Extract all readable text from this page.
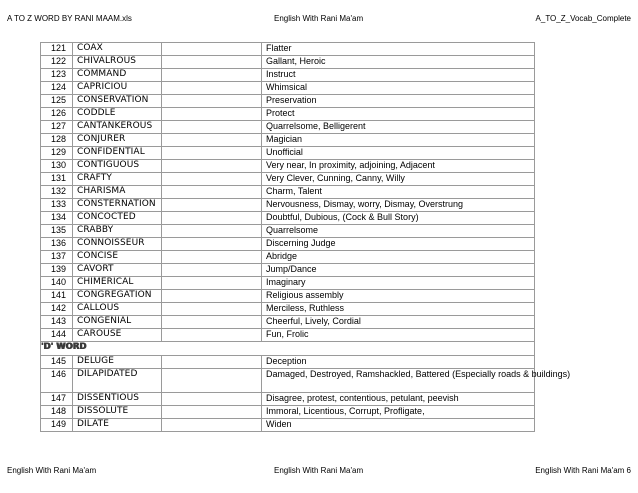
A TO Z WORD BY RANI MAAM.xls	English With Rani Ma'am	A_TO_Z_Vocab_Complete
121	COAX		Flatter
122	CHIVALROUS		Gallant, Heroic
123	COMMAND		Instruct
124	CAPRICIOU		Whimsical
125	CONSERVATION		Preservation
126	CODDLE		Protect
127	CANTANKEROUS		Quarrelsome, Belligerent
128	CONJURER		Magician
129	CONFIDENTIAL		Unofficial
130	CONTIGUOUS		Very near, In proximity, adjoining, Adjacent
131	CRAFTY		Very Clever, Cunning, Canny, Willy
132	CHARISMA		Charm, Talent
133	CONSTERNATION		Nervousness, Dismay, worry, Dismay, Overstrung
134	CONCOCTED		Doubtful, Dubious, (Cock & Bull Story)
135	CRABBY		Quarrelsome
136	CONNOISSEUR		Discerning Judge
137	CONCISE		Abridge
139	CAVORT		Jump/Dance
140	CHIMERICAL		Imaginary
141	CONGREGATION		Religious assembly
142	CALLOUS		Merciless, Ruthless
143	CONGENIAL		Cheerful, Lively, Cordial
144	CAROUSE		Fun, Frolic
'D' WORD			
145	DELUGE		Deception
146	DILAPIDATED		Damaged, Destroyed, Ramshackled, Battered (Especially roads & buildings)
147	DISSENTIOUS		Disagree, protest, contentious, petulant, peevish
148	DISSOLUTE		Immoral, Licentious, Corrupt, Profligate,
149	DILATE		Widen
English With Rani Ma'am	English With Rani Ma'am	English With Rani Ma'am 6
